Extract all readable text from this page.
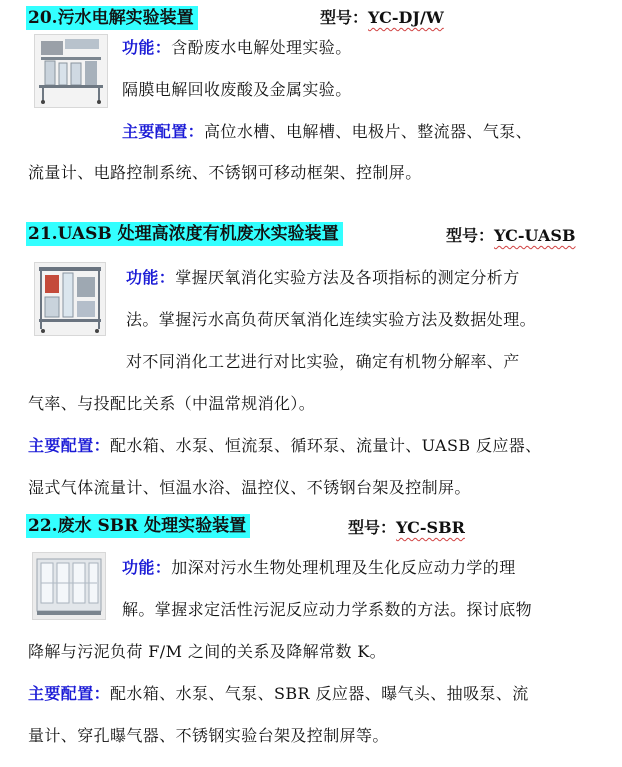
20.污水电解实验装置	型号：YC-DJ/W
功能：含酚废水电解处理实验。
隔膜电解回收废酸及金属实验。
主要配置：高位水槽、电解槽、电极片、整流器、气泵、
流量计、电路控制系统、不锈钢可移动框架、控制屏。
21.UASB 处理高浓度有机废水实验装置	型号：YC-UASB
功能：掌握厌氧消化实验方法及各项指标的测定分析方
法。掌握污水高负荷厌氧消化连续实验方法及数据处理。
对不同消化工艺进行对比实验，确定有机物分解率、产
气率、与投配比关系（中温常规消化）。
主要配置：配水箱、水泵、恒流泵、循环泵、流量计、UASB 反应器、
湿式气体流量计、恒温水浴、温控仪、不锈钢台架及控制屏。
22.废水 SBR 处理实验装置	型号：YC-SBR
功能：加深对污水生物处理机理及生化反应动力学的理
解。掌握求定活性污泥反应动力学系数的方法。探讨底物
降解与污泥负荷 F/M 之间的关系及降解常数 K。
主要配置：配水箱、水泵、气泵、SBR 反应器、曝气头、抽吸泵、流
量计、穿孔曝气器、不锈钢实验台架及控制屏等。
